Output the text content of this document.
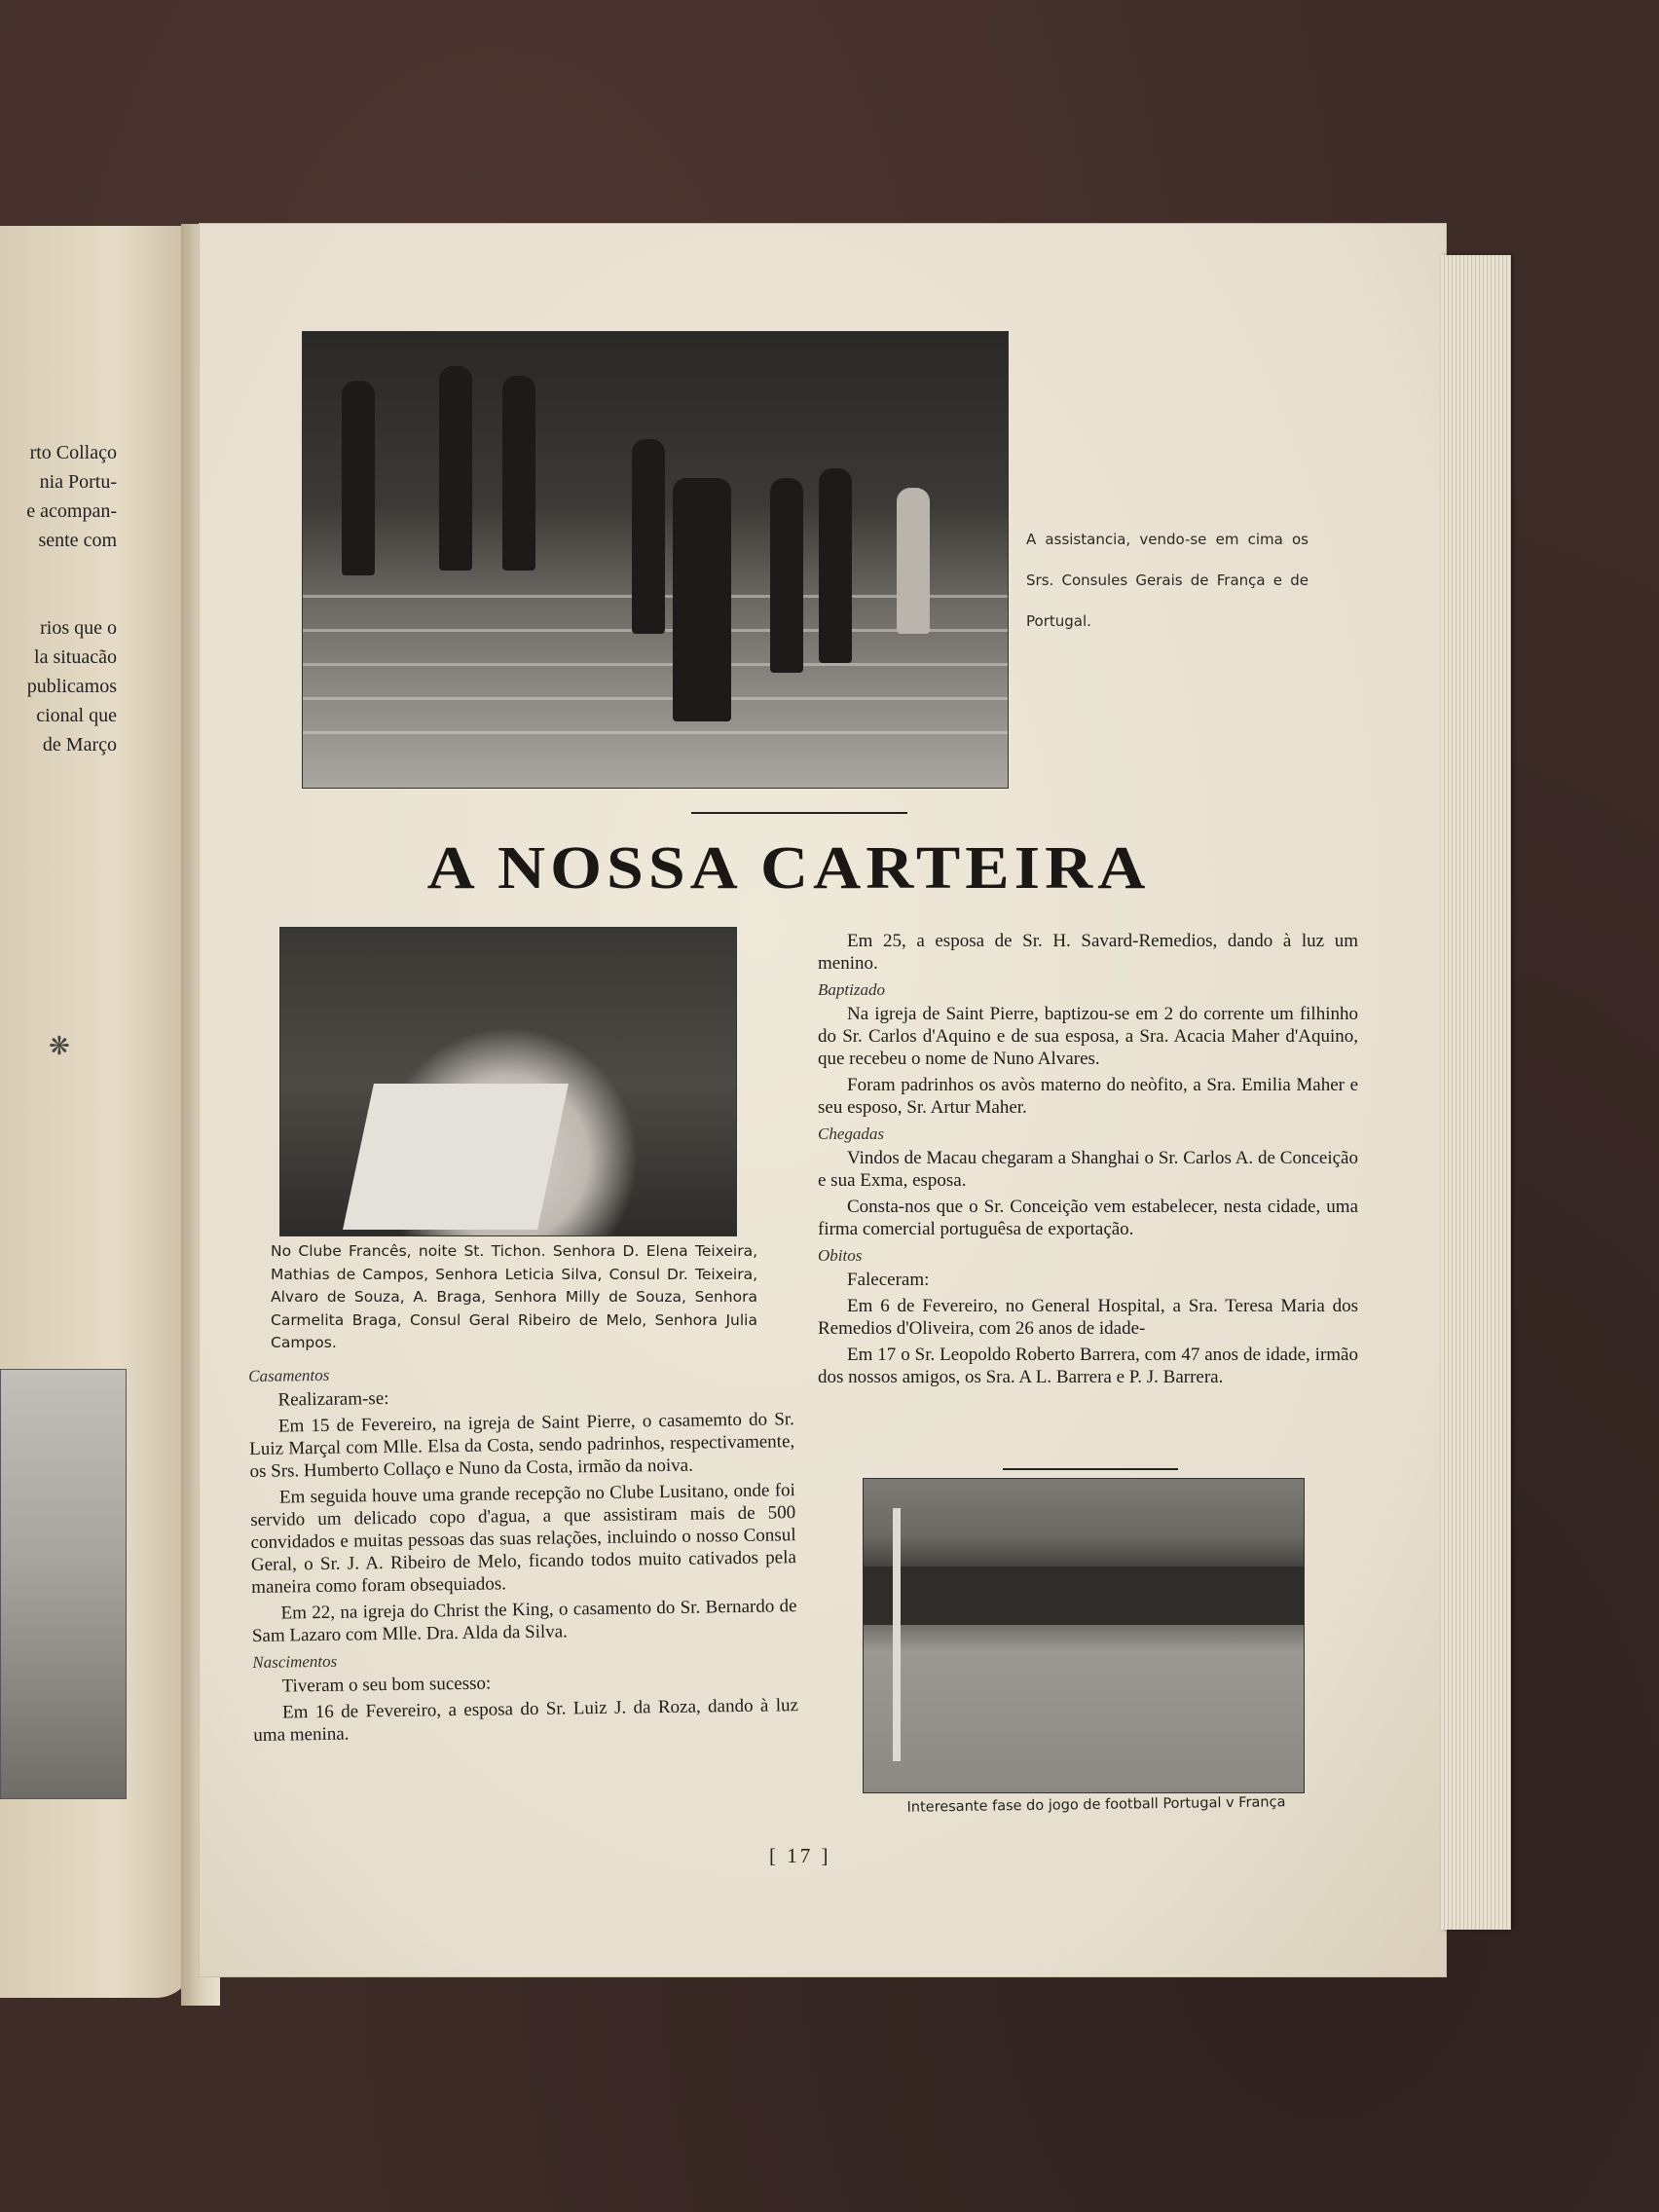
rto Collaço
nia Portu-
e acompan-
sente com
rios que o
la situacão
publicamos
cional que
de Março
❋
A assistancia, vendo-se em cima os Srs. Consules Gerais de França e de Portugal.
A NOSSA CARTEIRA
No Clube Francês, noite St. Tichon. Senhora D. Elena Teixeira, Mathias de Campos, Senhora Leticia Silva, Consul Dr. Teixeira, Alvaro de Souza, A. Braga, Senhora Milly de Souza, Senhora Carmelita Braga, Consul Geral Ribeiro de Melo, Senhora Julia Campos.
Casamentos

Realizaram-se:

Em 15 de Fevereiro, na igreja de Saint Pierre, o casamemto do Sr. Luiz Marçal com Mlle. Elsa da Costa, sendo padrinhos, respectivamente, os Srs. Humberto Collaço e Nuno da Costa, irmão da noiva.

Em seguida houve uma grande recepção no Clube Lusitano, onde foi servido um delicado copo d'agua, a que assistiram mais de 500 convidados e muitas pessoas das suas relações, incluindo o nosso Consul Geral, o Sr. J. A. Ribeiro de Melo, ficando todos muito cativados pela maneira como foram obsequiados.

Em 22, na igreja do Christ the King, o casamento do Sr. Bernardo de Sam Lazaro com Mlle. Dra. Alda da Silva.

Nascimentos

Tiveram o seu bom sucesso:

Em 16 de Fevereiro, a esposa do Sr. Luiz J. da Roza, dando à luz uma menina.

Em 25, a esposa de Sr. H. Savard-Remedios, dando à luz um menino.

Baptizado

Na igreja de Saint Pierre, baptizou-se em 2 do corrente um filhinho do Sr. Carlos d'Aquino e de sua esposa, a Sra. Acacia Maher d'Aquino, que recebeu o nome de Nuno Alvares.

Foram padrinhos os avòs materno do neòfito, a Sra. Emilia Maher e seu esposo, Sr. Artur Maher.

Chegadas

Vindos de Macau chegaram a Shanghai o Sr. Carlos A. de Conceição e sua Exma, esposa.

Consta-nos que o Sr. Conceição vem estabelecer, nesta cidade, uma firma comercial portuguêsa de exportação.

Obitos

Faleceram:

Em 6 de Fevereiro, no General Hospital, a Sra. Teresa Maria dos Remedios d'Oliveira, com 26 anos de idade-

Em 17 o Sr. Leopoldo Roberto Barrera, com 47 anos de idade, irmão dos nossos amigos, os Sra. A L. Barrera e P. J. Barrera.

Interesante fase do jogo de football Portugal v França
[ 17 ]
